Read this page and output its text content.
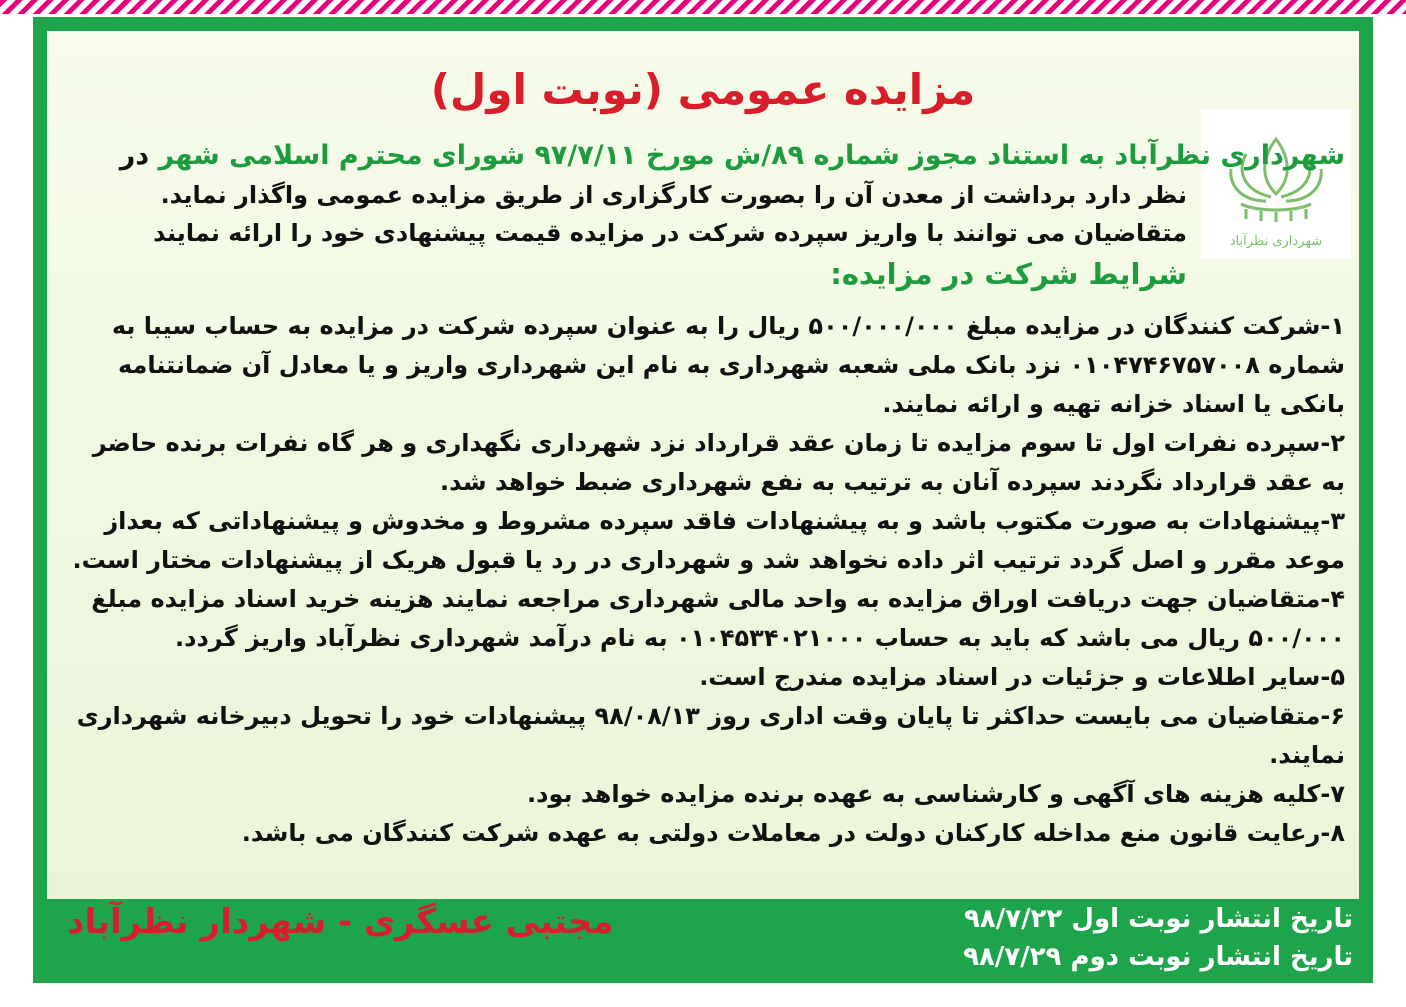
مزایده عمومی (نوبت اول)
شهرداری نظرآباد
شهرداری نظرآباد به استناد مجوز شماره ۸۹/ش مورخ ۹۷/۷/۱۱ شورای محترم اسلامی شهر در
نظر دارد برداشت از معدن آن را بصورت کارگزاری از طریق مزایده عمومی واگذار نماید.
متقاضیان می توانند با واریز سپرده شرکت در مزایده قیمت پیشنهادی خود را ارائه نمایند
شرایط شرکت در مزایده:

۱-شرکت کنندگان در مزایده مبلغ ۵۰۰/۰۰۰/۰۰۰ ریال را به عنوان سپرده شرکت در مزایده به حساب سیبا به شماره ۰۱۰۴۷۴۶۷۵۷۰۰۸ نزد بانک ملی شعبه شهرداری به نام این شهرداری واریز و یا معادل آن ضمانتنامه بانکی یا اسناد خزانه تهیه و ارائه نمایند.

۲-سپرده نفرات اول تا سوم مزایده تا زمان عقد قرارداد نزد شهرداری نگهداری و هر گاه نفرات برنده حاضر به عقد قرارداد نگردند سپرده آنان به ترتیب به نفع شهرداری ضبط خواهد شد.

۳-پیشنهادات به صورت مکتوب باشد و به پیشنهادات فاقد سپرده مشروط و مخدوش و پیشنهاداتی که بعداز موعد مقرر و اصل گردد ترتیب اثر داده نخواهد شد و شهرداری در رد یا قبول هریک از پیشنهادات مختار است.

۴-متقاضیان جهت دریافت اوراق مزایده به واحد مالی شهرداری مراجعه نمایند هزینه خرید اسناد مزایده مبلغ ۵۰۰/۰۰۰ ریال می باشد که باید به حساب ۰۱۰۴۵۳۴۰۲۱۰۰۰ به نام درآمد شهرداری نظرآباد واریز گردد.

۵-سایر اطلاعات و جزئیات در اسناد مزایده مندرج است.

۶-متقاضیان می بایست حداکثر تا پایان وقت اداری روز ۹۸/۰۸/۱۳ پیشنهادات خود را تحویل دبیرخانه شهرداری نمایند.

۷-کلیه هزینه های آگهی و کارشناسی به عهده برنده مزایده خواهد بود.

۸-رعایت قانون منع مداخله کارکنان دولت در معاملات دولتی به عهده شرکت کنندگان می باشد.

مجتبی عسگری - شهردار نظرآباد	تاریخ انتشار نوبت اول ۹۸/۷/۲۲
تاریخ انتشار نوبت دوم ۹۸/۷/۲۹
